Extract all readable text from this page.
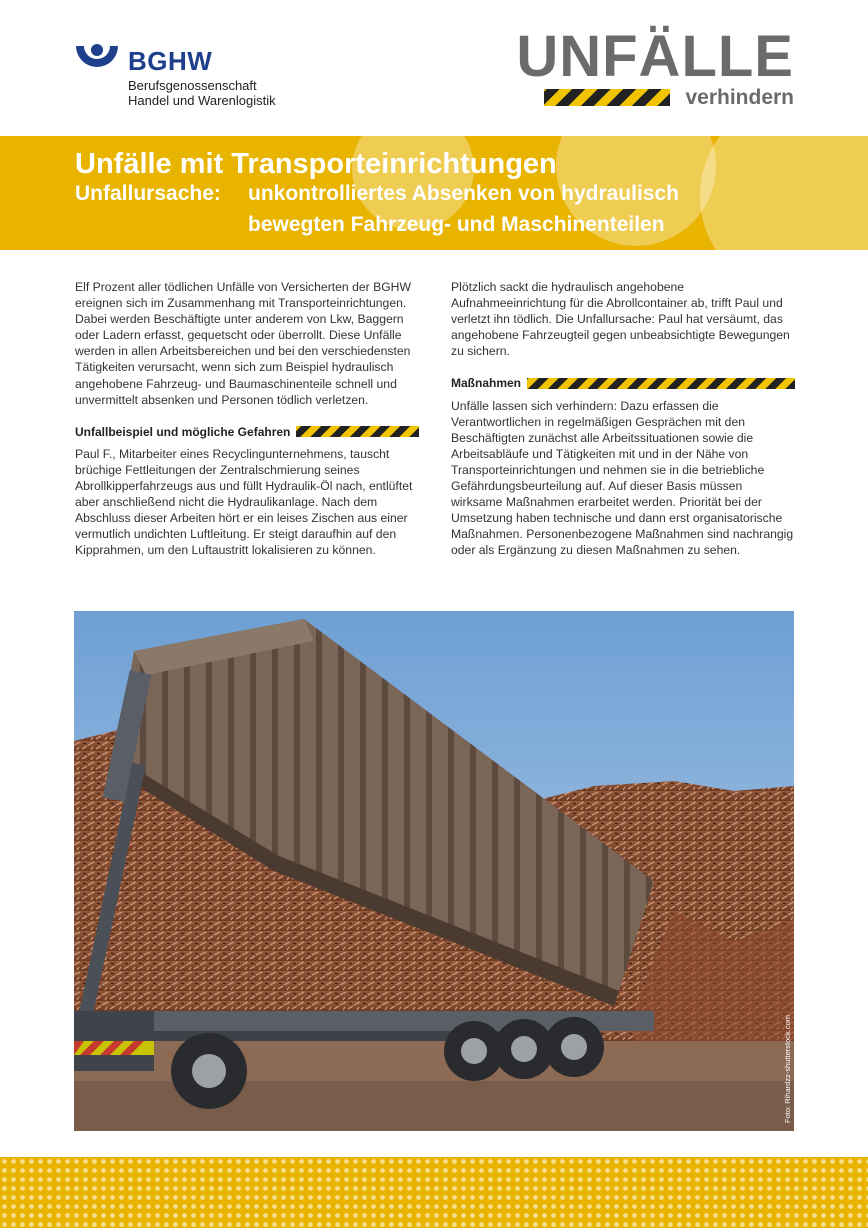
BGHW
Berufsgenossenschaft
Handel und Warenlogistik
UNFÄLLE
verhindern
Unfälle mit Transporteinrichtungen
Unfallursache: unkontrolliertes Absenken von hydraulisch
bewegten Fahrzeug- und Maschinenteilen

Elf Prozent aller tödlichen Unfälle von Versicherten der BGHW ereignen sich im Zusammenhang mit Transporteinrichtungen. Dabei werden Beschäftigte unter anderem von Lkw, Baggern oder Ladern erfasst, gequetscht oder überrollt. Diese Unfälle werden in allen Arbeitsbereichen und bei den verschiedensten Tätigkeiten verursacht, wenn sich zum Beispiel hydraulisch angehobene Fahrzeug- und Baumaschinenteile schnell und unvermittelt absenken und Personen tödlich verletzen.

Unfallbeispiel und mögliche Gefahren

Paul F., Mitarbeiter eines Recyclingunternehmens, tauscht brüchige Fettleitungen der Zentralschmierung seines Abrollkipperfahrzeugs aus und füllt Hydraulik-Öl nach, entlüftet aber anschließend nicht die Hydraulikanlage. Nach dem Abschluss dieser Arbeiten hört er ein leises Zischen aus einer vermutlich undichten Luftleitung. Er steigt daraufhin auf den Kipprahmen, um den Luftaustritt lokalisieren zu können.

Plötzlich sackt die hydraulisch angehobene Aufnahmeeinrichtung für die Abrollcontainer ab, trifft Paul und verletzt ihn tödlich. Die Unfallursache: Paul hat versäumt, das angehobene Fahrzeugteil gegen unbeabsichtigte Bewegungen zu sichern.

Maßnahmen

Unfälle lassen sich verhindern: Dazu erfassen die Verantwortlichen in regelmäßigen Gesprächen mit den Beschäftigten zunächst alle Arbeitssituationen sowie die Arbeitsabläufe und Tätigkeiten mit und in der Nähe von Transporteinrichtungen und nehmen sie in die betriebliche Gefährdungsbeurteilung auf. Auf dieser Basis müssen wirksame Maßnahmen erarbeitet werden. Priorität bei der Umsetzung haben technische und dann erst organisatorische Maßnahmen. Personenbezogene Maßnahmen sind nachrangig oder als Ergänzung zu diesen Maßnahmen zu sehen.

Foto: Rihardzz-shutterstock.com
